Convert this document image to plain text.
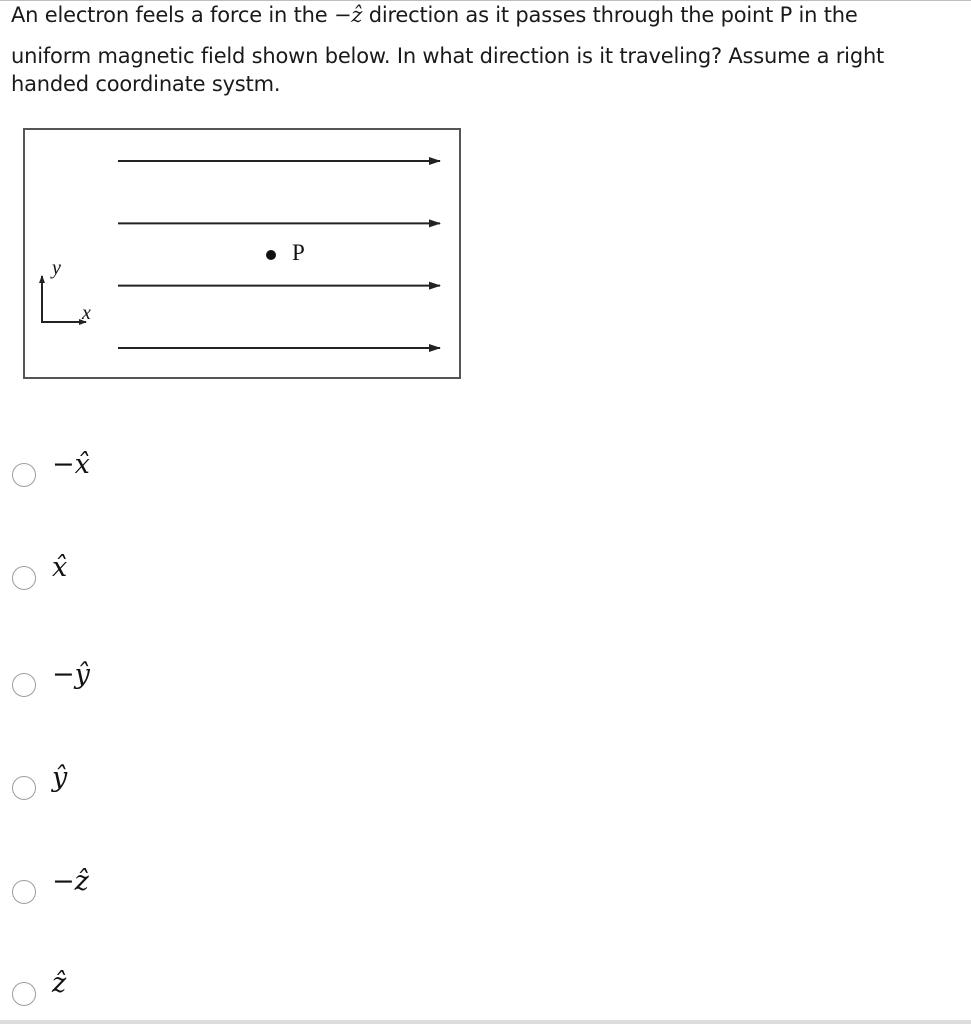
An electron feels a force in the −ẑ direction as it passes through the point P in the
uniform magnetic field shown below. In what direction is it traveling? Assume a right
handed coordinate systm.
P
y
x
−x̂
x̂
−ŷ
ŷ
−ẑ
ẑ
